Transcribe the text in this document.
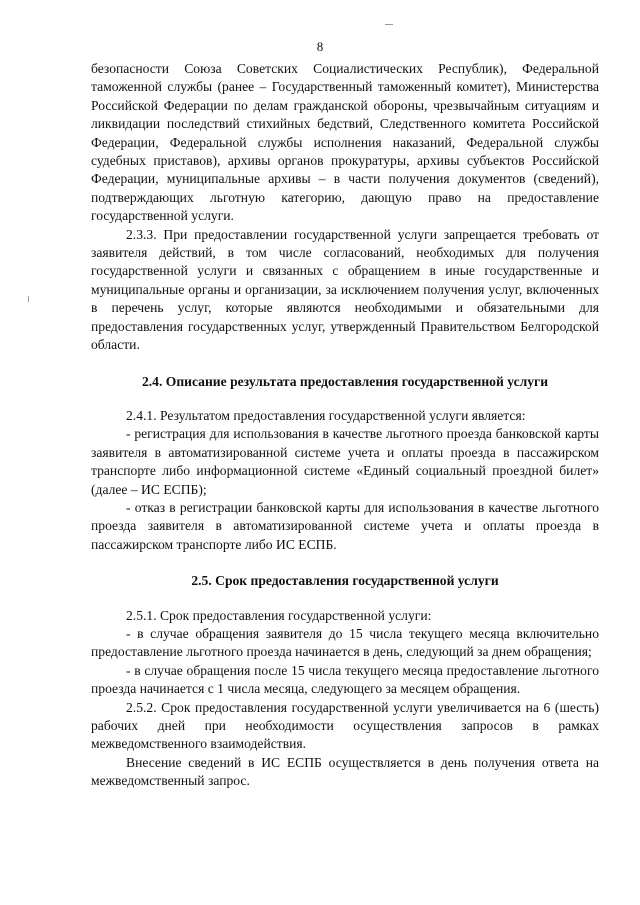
8

безопасности Союза Советских Социалистических Республик), Федеральной таможенной службы (ранее – Государственный таможенный комитет), Министерства Российской Федерации по делам гражданской обороны, чрезвычайным ситуациям и ликвидации последствий стихийных бедствий, Следственного комитета Российской Федерации, Федеральной службы исполнения наказаний, Федеральной службы судебных приставов), архивы органов прокуратуры, архивы субъектов Российской Федерации, муниципальные архивы – в части получения документов (сведений), подтверждающих льготную категорию, дающую право на предоставление государственной услуги.

2.3.3. При предоставлении государственной услуги запрещается требовать от заявителя действий, в том числе согласований, необходимых для получения государственной услуги и связанных с обращением в иные государственные и муниципальные органы и организации, за исключением получения услуг, включенных в перечень услуг, которые являются необходимыми и обязательными для предоставления государственных услуг, утвержденный Правительством Белгородской области.

2.4. Описание результата предоставления государственной услуги

2.4.1. Результатом предоставления государственной услуги является:

- регистрация для использования в качестве льготного проезда банковской карты заявителя в автоматизированной системе учета и оплаты проезда в пассажирском транспорте либо информационной системе «Единый социальный проездной билет» (далее – ИС ЕСПБ);

- отказ в регистрации банковской карты для использования в качестве льготного проезда заявителя в автоматизированной системе учета и оплаты проезда в пассажирском транспорте либо ИС ЕСПБ.

2.5. Срок предоставления государственной услуги

2.5.1. Срок предоставления государственной услуги:

- в случае обращения заявителя до 15 числа текущего месяца включительно предоставление льготного проезда начинается в день, следующий за днем обращения;

- в случае обращения после 15 числа текущего месяца предоставление льготного проезда начинается с 1 числа месяца, следующего за месяцем обращения.

2.5.2. Срок предоставления государственной услуги увеличивается на 6 (шесть) рабочих дней при необходимости осуществления запросов в рамках межведомственного взаимодействия.

Внесение сведений в ИС ЕСПБ осуществляется в день получения ответа на межведомственный запрос.
